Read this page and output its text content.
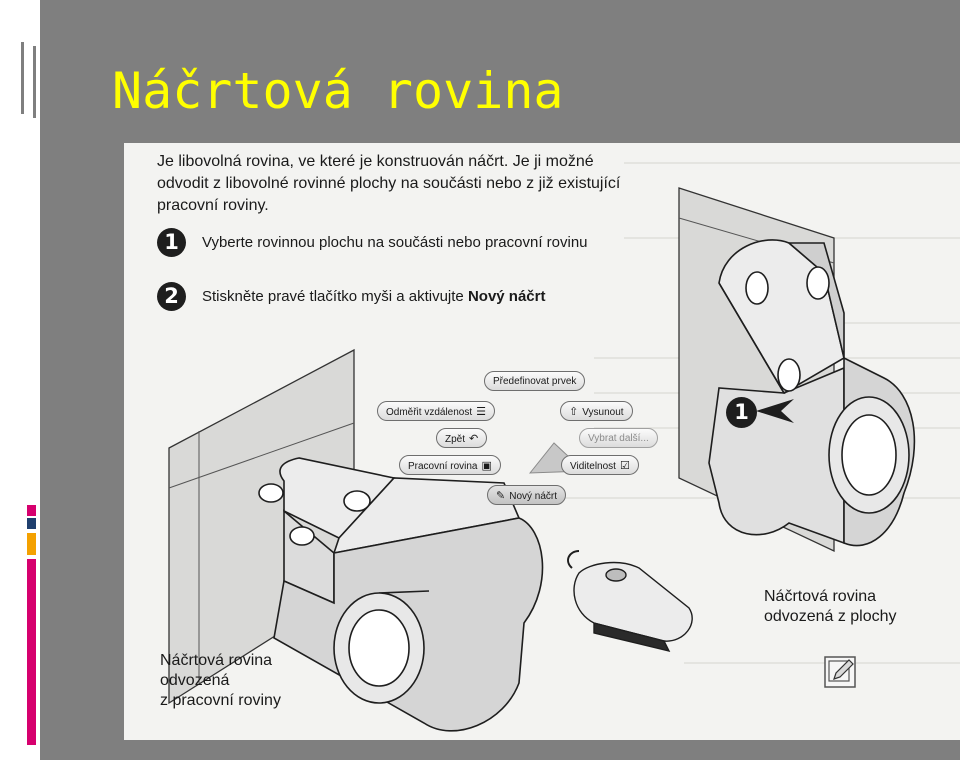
Náčrtová rovina
Je libovolná rovina, ve které je konstruován náčrt. Je ji možné odvodit z libovolné rovinné plochy na součásti nebo z již existující pracovní roviny.
1	Vyberte rovinnou plochu na součásti nebo pracovní rovinu
2	Stiskněte pravé tlačítko myši a aktivujte Nový náčrt
Předefinovat prvek
Odměřit vzdálenost ☰	⇧ Vysunout
Zpět ↶	Vybrat další...
Pracovní rovina ▣	Viditelnost ☑
✎ Nový náčrt
1
Náčrtová rovina
odvozená
z pracovní roviny
Náčrtová rovina
odvozená z plochy
